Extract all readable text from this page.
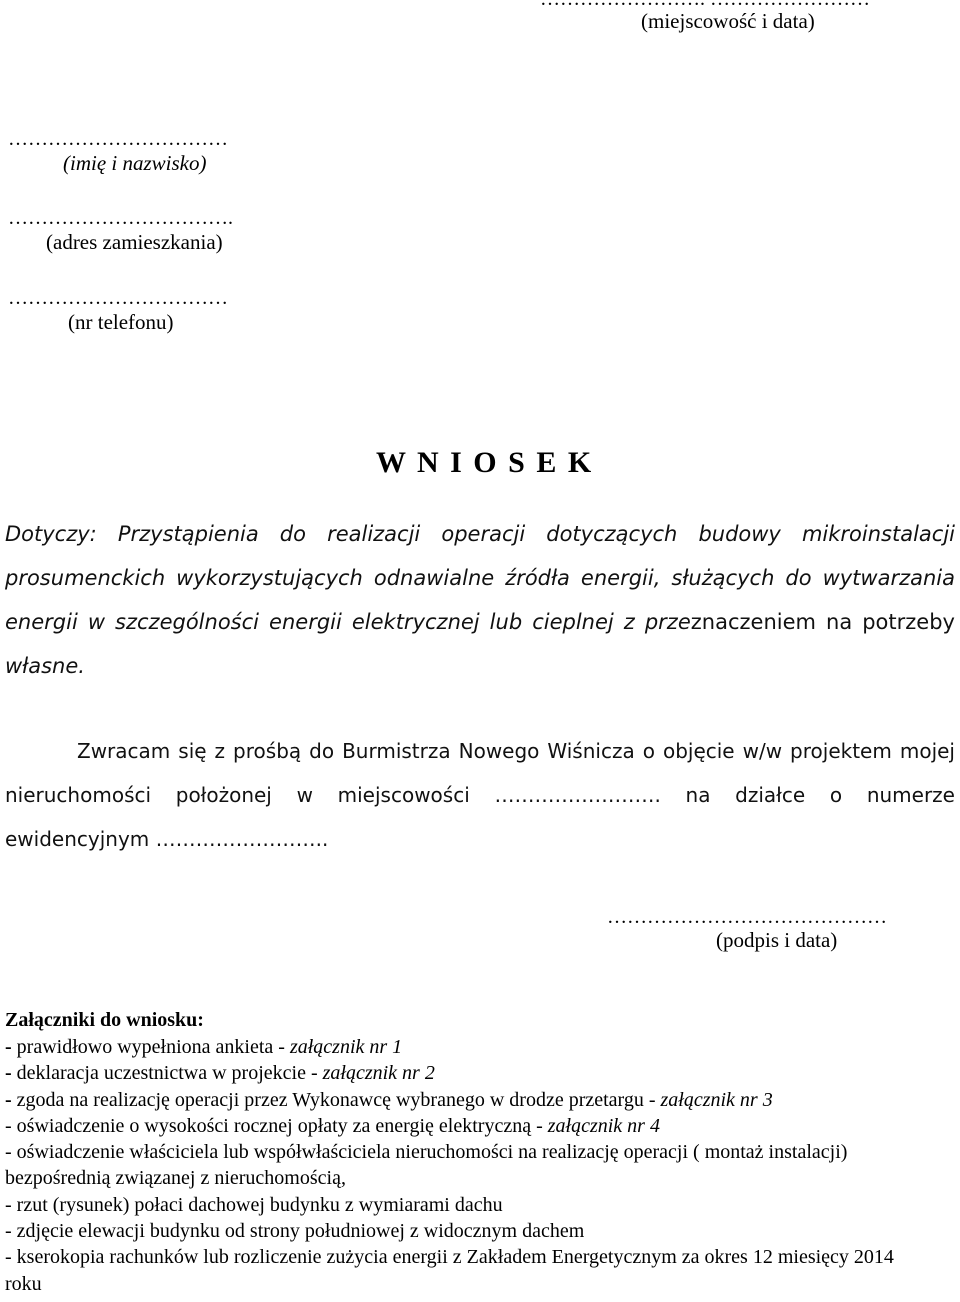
(miejscowość i data)
……………………………
(imię i nazwisko)
…………………………….
(adres zamieszkania)
……………………………
(nr telefonu)
W N I O S E K
Dotyczy: Przystąpienia do realizacji operacji dotyczących budowy mikroinstalacji prosumenckich wykorzystujących odnawialne źródła energii, służących do wytwarzania energii w szczególności energii elektrycznej lub cieplnej z przeznaczeniem na potrzeby własne.
Zwracam się z prośbą do Burmistrza Nowego Wiśnicza o objęcie w/w projektem mojej nieruchomości położonej w miejscowości ……………………. na działce o numerze ewidencyjnym ……………………..
……………………………………
(podpis i data)
Załączniki do wniosku:
- prawidłowo wypełniona ankieta - załącznik nr 1
- deklaracja uczestnictwa w projekcie - załącznik nr 2
- zgoda na realizację operacji przez Wykonawcę wybranego w drodze przetargu - załącznik nr 3
- oświadczenie o wysokości rocznej opłaty za energię elektryczną - załącznik nr 4
- oświadczenie właściciela lub współwłaściciela nieruchomości na realizację operacji ( montaż instalacji) bezpośrednią związanej z nieruchomością,
- rzut (rysunek) połaci dachowej budynku z wymiarami dachu
- zdjęcie elewacji budynku od strony południowej z widocznym dachem
- kserokopia rachunków lub rozliczenie zużycia energii z Zakładem Energetycznym za okres 12 miesięcy 2014 roku
